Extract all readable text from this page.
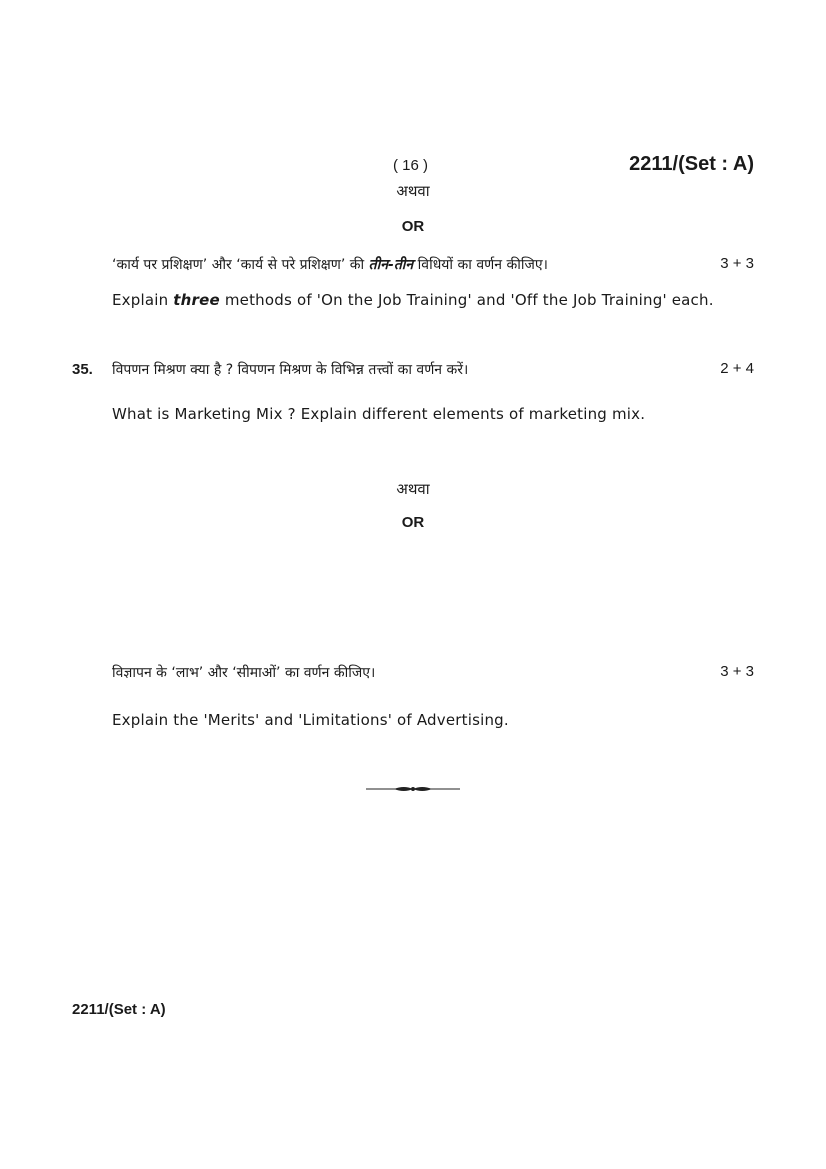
( 16 )	2211/(Set : A)
अथवा
OR
‘कार्य पर प्रशिक्षण’ और ‘कार्य से परे प्रशिक्षण’ की तीन-तीन विधियों का वर्णन कीजिए।	3 + 3
Explain three methods of 'On the Job Training' and 'Off the Job Training' each.
35. विपणन मिश्रण क्या है ? विपणन मिश्रण के विभिन्न तत्त्वों का वर्णन करें।	2 + 4
What is Marketing Mix ? Explain different elements of marketing mix.
अथवा
OR
विज्ञापन के ‘लाभ’ और ‘सीमाओं’ का वर्णन कीजिए।	3 + 3
Explain the 'Merits' and 'Limitations' of Advertising.
2211/(Set : A)
